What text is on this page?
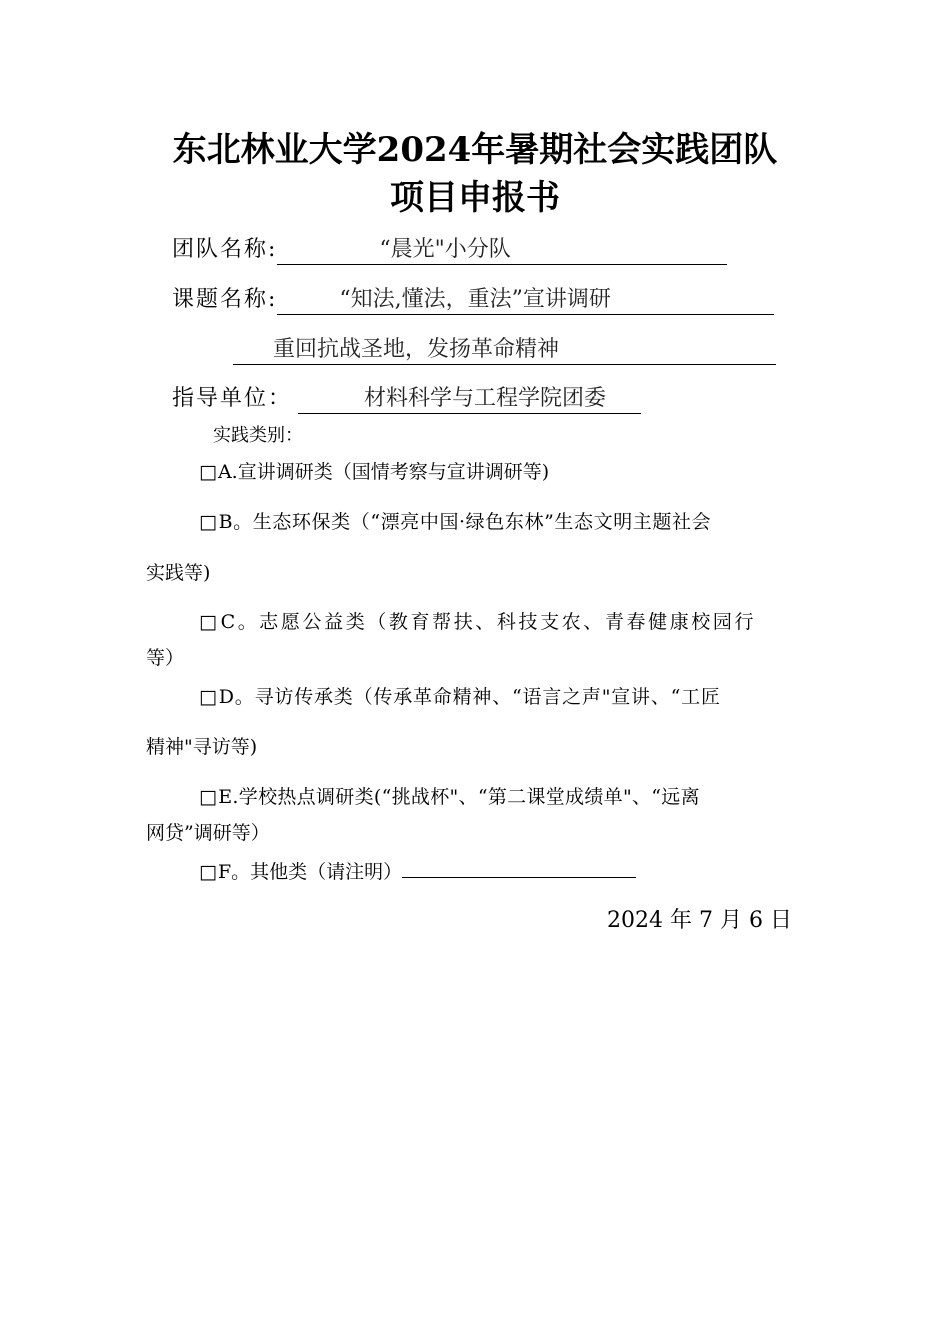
东北林业大学2024年暑期社会实践团队
项目申报书
团队名称:	“晨光"小分队
课题名称:	“知法,懂法，重法”宣讲调研
重回抗战圣地，发扬革命精神
指导单位：	材料科学与工程学院团委
实践类别：
□A.宣讲调研类（国情考察与宣讲调研等)
□B。生态环保类（“漂亮中国·绿色东林”生态文明主题社会
实践等)
□C。志愿公益类（教育帮扶、科技支农、青春健康校园行
等）
□D。寻访传承类（传承革命精神、“语言之声"宣讲、“工匠
精神"寻访等)
□E.学校热点调研类(“挑战杯"、“第二课堂成绩单"、“远离
网贷”调研等）
□F。其他类（请注明）
2024 年 7 月 6 日
